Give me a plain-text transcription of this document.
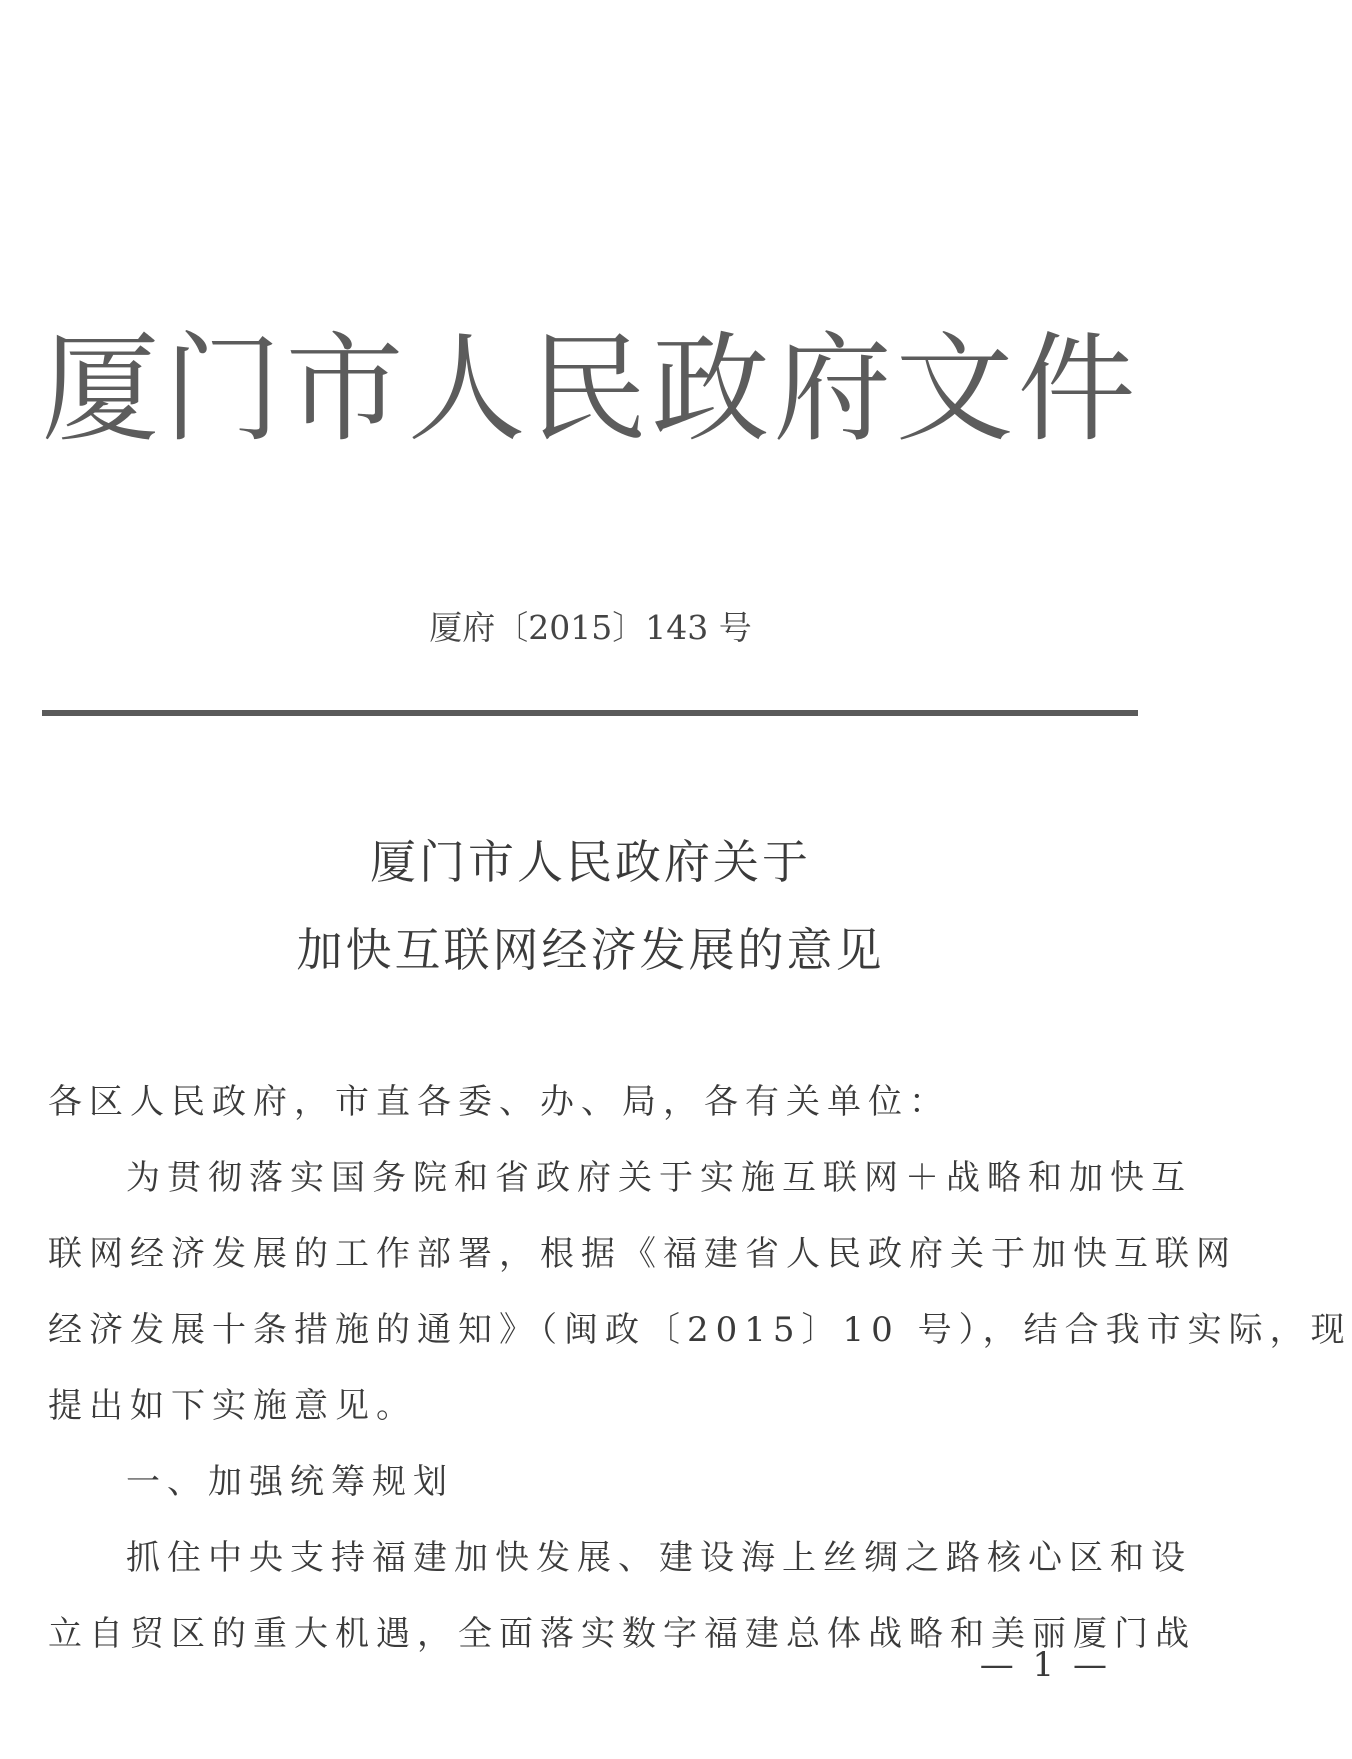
厦门市人民政府文件
厦府〔2015〕143 号
厦门市人民政府关于
加快互联网经济发展的意见
各区人民政府，市直各委、办、局，各有关单位：
为贯彻落实国务院和省政府关于实施互联网＋战略和加快互
联网经济发展的工作部署，根据《福建省人民政府关于加快互联网
经济发展十条措施的通知》（闽政〔2015〕10 号），结合我市实际，现
提出如下实施意见。
一、加强统筹规划
抓住中央支持福建加快发展、建设海上丝绸之路核心区和设
立自贸区的重大机遇，全面落实数字福建总体战略和美丽厦门战
— 1 —
